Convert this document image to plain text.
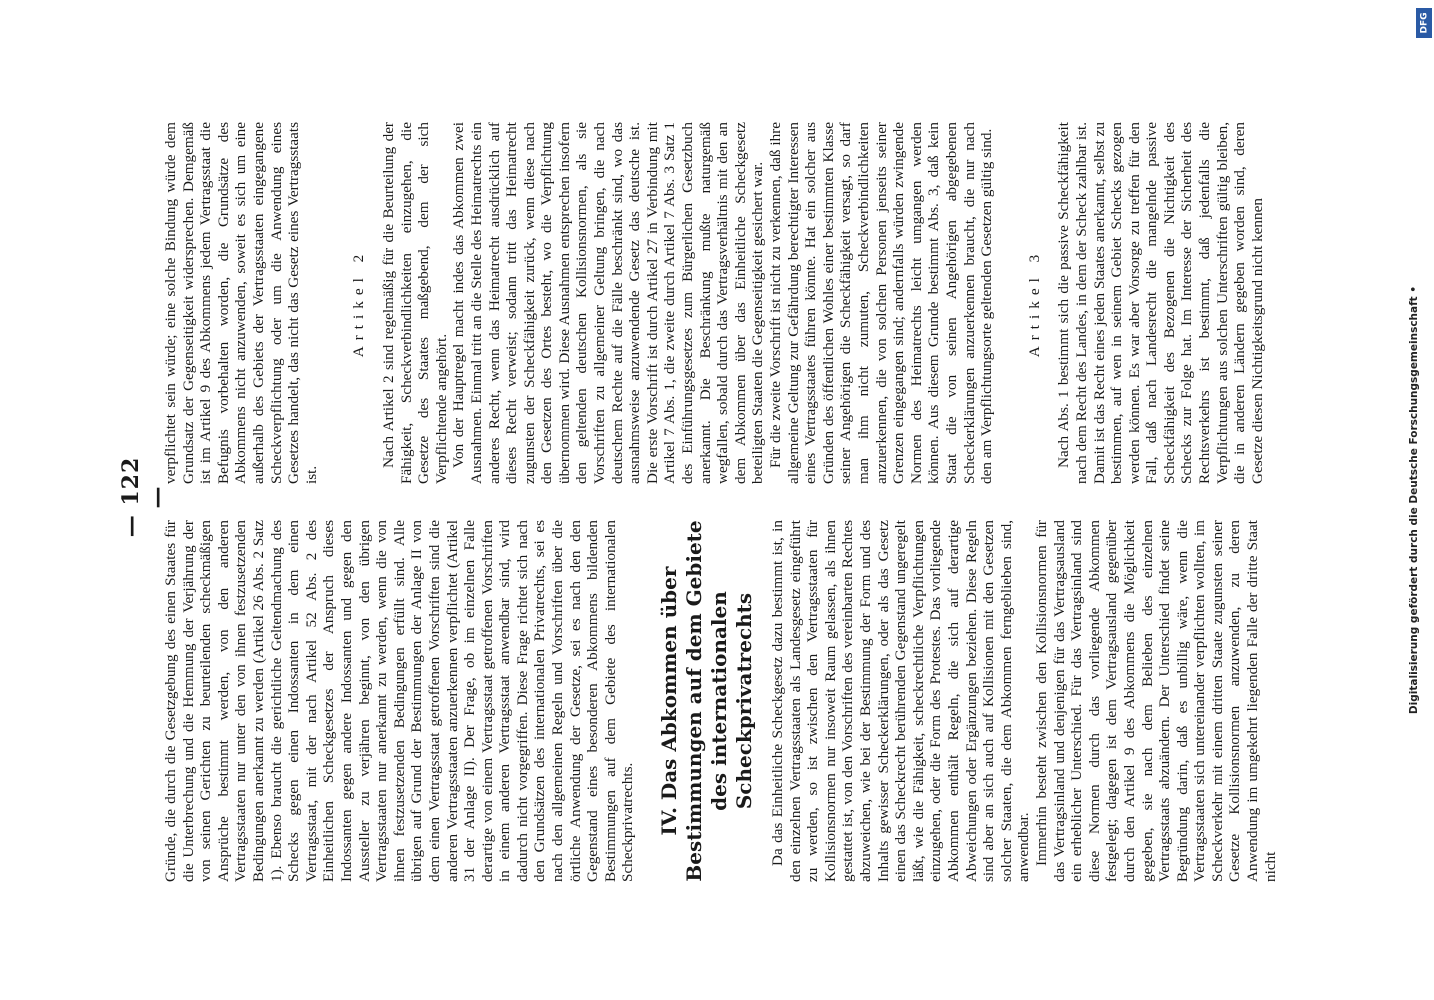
— 122 —

Gründe, die durch die Gesetzgebung des einen Staates für die Unterbrechung und die Hemmung der Verjährung der von seinen Gerichten zu beurteilenden scheckmäßigen Ansprüche bestimmt werden, von den anderen Vertragsstaaten nur unter den von ihnen festzusetzenden Bedingungen anerkannt zu werden (Artikel 26 Abs. 2 Satz 1). Ebenso braucht die gerichtliche Geltendmachung des Schecks gegen einen Indossanten in dem einen Vertragsstaat, mit der nach Artikel 52 Abs. 2 des Einheitlichen Scheckgesetzes der Anspruch dieses Indossanten gegen andere Indossanten und gegen den Aussteller zu verjähren beginnt, von den übrigen Vertragsstaaten nur anerkannt zu werden, wenn die von ihnen festzusetzenden Bedingungen erfüllt sind. Alle übrigen auf Grund der Bestimmungen der Anlage II von dem einen Vertragsstaat getroffenen Vorschriften sind die anderen Vertragsstaaten anzuerkennen verpflichtet (Artikel 31 der Anlage II). Der Frage, ob im einzelnen Falle derartige von einem Vertragsstaat getroffenen Vorschriften in einem anderen Vertragsstaat anwendbar sind, wird dadurch nicht vorgegriffen. Diese Frage richtet sich nach den Grundsätzen des internationalen Privatrechts, sei es nach den allgemeinen Regeln und Vorschriften über die örtliche Anwendung der Gesetze, sei es nach den den Gegenstand eines besonderen Abkommens bildenden Bestimmungen auf dem Gebiete des internationalen Scheckprivatrechts. IV. Das Abkommen über Bestimmungen auf dem Gebiete des internationalen Scheckprivatrechts Da das Einheitliche Scheckgesetz dazu bestimmt ist, in den einzelnen Vertragsstaaten als Landesgesetz eingeführt zu werden, so ist zwischen den Vertragsstaaten für Kollisionsnormen nur insoweit Raum gelassen, als ihnen gestattet ist, von den Vorschriften des vereinbarten Rechtes abzuweichen, wie bei der Bestimmung der Form und des Inhalts gewisser Scheckerklärungen, oder als das Gesetz einen das Scheckrecht berührenden Gegenstand ungeregelt läßt, wie die Fähigkeit, scheckrechtliche Verpflichtungen einzugehen, oder die Form des Protestes. Das vorliegende Abkommen enthält Regeln, die sich auf derartige Abweichungen oder Ergänzungen beziehen. Diese Regeln sind aber an sich auch auf Kollisionen mit den Gesetzen solcher Staaten, die dem Abkommen ferngeblieben sind, anwendbar. Immerhin besteht zwischen den Kollisionsnormen für das Vertragsinland und denjenigen für das Vertragsausland ein erheblicher Unterschied. Für das Vertragsinland sind diese Normen durch das vorliegende Abkommen festgelegt; dagegen ist dem Vertragsausland gegenüber durch den Artikel 9 des Abkommens die Möglichkeit gegeben, sie nach dem Belieben des einzelnen Vertragsstaats abzuändern. Der Unterschied findet seine Begründung darin, daß es unbillig wäre, wenn die Vertragsstaaten sich untereinander verpflichten wollten, im Scheckverkehr mit einem dritten Staate zugunsten seiner Gesetze Kollisionsnormen anzuwenden, zu deren Anwendung im umgekehrt liegenden Falle der dritte Staat nicht

verpflichtet sein würde; eine solche Bindung würde dem Grundsatz der Gegenseitigkeit widersprechen. Demgemäß ist im Artikel 9 des Abkommens jedem Vertragsstaat die Befugnis vorbehalten worden, die Grundsätze des Abkommens nicht anzuwenden, soweit es sich um eine außerhalb des Gebiets der Vertragsstaaten eingegangene Scheckverpflichtung oder um die Anwendung eines Gesetzes handelt, das nicht das Gesetz eines Vertragsstaats ist.

Artikel 2 Nach Artikel 2 sind regelmäßig für die Beurteilung der Fähigkeit, Scheckverbindlichkeiten einzugehen, die Gesetze des Staates maßgebend, dem der sich Verpflichtende angehört. Von der Hauptregel macht indes das Abkommen zwei Ausnahmen. Einmal tritt an die Stelle des Heimatrechts ein anderes Recht, wenn das Heimatrecht ausdrücklich auf dieses Recht verweist; sodann tritt das Heimatrecht zugunsten der Scheckfähigkeit zurück, wenn diese nach den Gesetzen des Ortes besteht, wo die Verpflichtung übernommen wird. Diese Ausnahmen entsprechen insofern den geltenden deutschen Kollisionsnormen, als sie Vorschriften zu allgemeiner Geltung bringen, die nach deutschem Rechte auf die Fälle beschränkt sind, wo das ausnahmsweise anzuwendende Gesetz das deutsche ist. Die erste Vorschrift ist durch Artikel 27 in Verbindung mit Artikel 7 Abs. 1, die zweite durch Artikel 7 Abs. 3 Satz 1 des Einführungsgesetzes zum Bürgerlichen Gesetzbuch anerkannt. Die Beschränkung mußte naturgemäß wegfallen, sobald durch das Vertragsverhältnis mit den an dem Abkommen über das Einheitliche Scheckgesetz beteiligten Staaten die Gegenseitigkeit gesichert war. Für die zweite Vorschrift ist nicht zu verkennen, daß ihre allgemeine Geltung zur Gefährdung berechtigter Interessen eines Vertragsstaates führen könnte. Hat ein solcher aus Gründen des öffentlichen Wohles einer bestimmten Klasse seiner Angehörigen die Scheckfähigkeit versagt, so darf man ihm nicht zumuten, Scheckverbindlichkeiten anzuerkennen, die von solchen Personen jenseits seiner Grenzen eingegangen sind; andernfalls würden zwingende Normen des Heimatrechts leicht umgangen werden können. Aus diesem Grunde bestimmt Abs. 3, daß kein Staat die von seinen Angehörigen abgegebenen Scheckerklärungen anzuerkennen braucht, die nur nach den am Verpflichtungsorte geltenden Gesetzen gültig sind. Artikel 3 Nach Abs. 1 bestimmt sich die passive Scheckfähigkeit nach dem Recht des Landes, in dem der Scheck zahlbar ist. Damit ist das Recht eines jeden Staates anerkannt, selbst zu bestimmen, auf wen in seinem Gebiet Schecks gezogen werden können. Es war aber Vorsorge zu treffen für den Fall, daß nach Landesrecht die mangelnde passive Scheckfähigkeit des Bezogenen die Nichtigkeit des Schecks zur Folge hat. Im Interesse der Sicherheit des Rechtsverkehrs ist bestimmt, daß jedenfalls die Verpflichtungen aus solchen Unterschriften gültig bleiben, die in anderen Ländern gegeben worden sind, deren Gesetze diesen Nichtigkeitsgrund nicht kennen	Digitalisierung gefördert durch die Deutsche Forschungsgemeinschaft •
DFG
